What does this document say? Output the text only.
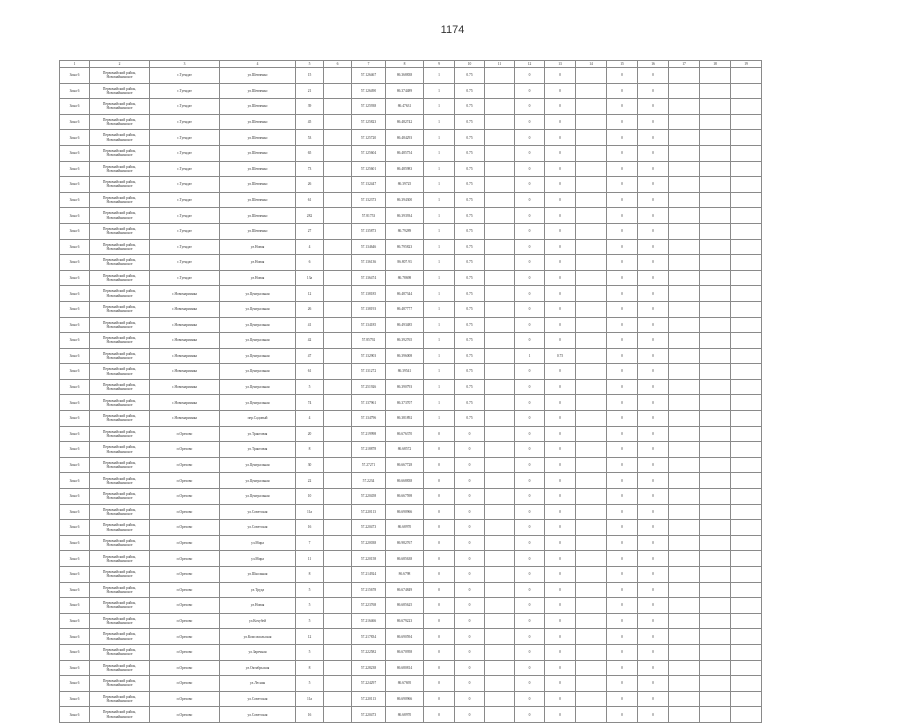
1174
1	2	3	4	5	6	7	8	9	10	11	12	13	14	15	16	17	18	19
Зона 6	Первомайский район, Новомайнинское	с.Туендат	ул.Шевченко	15		57.126467	86.368838	1	0.75		0	0		0	0			
Зона 6	Первомайский район, Новомайнинское	с.Туендат	ул.Шевченко	21		57.126490	86.374489	1	0.75		0	0		0	0			
Зона 6	Первомайский район, Новомайнинское	с.Туендат	ул.Шевченко	39		57.125938	86.47631	1	0.75		0	0		0	0			
Зона 6	Первомайский район, Новомайнинское	с.Туендат	ул.Шевченко	45		57.125823	86.482742	1	0.75		0	0		0	0			
Зона 6	Первомайский район, Новомайнинское	с.Туендат	ул.Шевченко	53		57.125720	86.484293	1	0.75		0	0		0	0			
Зона 6	Первомайский район, Новомайнинское	с.Туендат	ул.Шевченко	65		57.125604	86.485754	1	0.75		0	0		0	0			
Зона 6	Первомайский район, Новомайнинское	с.Туендат	ул.Шевченко	73		57.125601	86.485983	1	0.75		0	0		0	0			
Зона 6	Первомайский район, Новомайнинское	с.Туендат	ул.Шевченко	26		57.132447	86.39725	1	0.75		0	0		0	0			
Зона 6	Первомайский район, Новомайнинское	с.Туендат	ул.Шевченко	61		57.132373	86.394300	1	0.75		0	0		0	0			
Зона 6	Первомайский район, Новомайнинское	с.Туендат	ул.Шевченко	282		57.81753	86.393934	1	0.75		0	0		0	0			
Зона 6	Первомайский район, Новомайнинское	с.Туендат	ул.Шевченко	27		57.135873	86.79289	1	0.75		0	0		0	0			
Зона 6	Первомайский район, Новомайнинское	с.Туендат	ул.Новая	4		57.134646	86.795823	1	0.75		0	0		0	0			
Зона 6	Первомайский район, Новомайнинское	с.Туендат	ул.Новая	6		57.136136	86.807.93	1	0.75		0	0		0	0			
Зона 6	Первомайский район, Новомайнинское	с.Туендат	ул.Новая	13а		57.136474	86.78698	1	0.75		0	0		0	0			
Зона 6	Первомайский район, Новомайнинское	с.Новомариинка	ул.Центральная	12		57.138185	86.487344	1	0.75		0	0		0	0			
Зона 6	Первомайский район, Новомайнинское	с.Новомариинка	ул.Центральная	26		57.138193	86.487777	1	0.75		0	0		0	0			
Зона 6	Первомайский район, Новомайнинское	с.Новомариинка	ул.Центральная	41		57.134185	86.493485	1	0.75		0	0		0	0			
Зона 6	Первомайский район, Новомайнинское	с.Новомариинка	ул.Центральная	42		57.85792	86.392765	1	0.75		0	0		0	0			
Зона 6	Первомайский район, Новомайнинское	с.Новомариинка	ул.Центральная	47		57.132903	86.396008	1	0.75		1	0.75		0	0			
Зона 6	Первомайский район, Новомайнинское	с.Новомариинка	ул.Центральная	61		57.131272	86.39541	1	0.75		0	0		0	0			
Зона 6	Первомайский район, Новомайнинское	с.Новомариинка	ул.Центральная	5		57.251926	86.390793	1	0.75		0	0		0	0			
Зона 6	Первомайский район, Новомайнинское	с.Новомариинка	ул.Центральная	74		57.137961	86.373707	1	0.75		0	0		0	0			
Зона 6	Первомайский район, Новомайнинское	с.Новомариинка	пер.Садовый	4		57.134796	86.381892	1	0.75		0	0		0	0			
Зона 6	Первомайский район, Новомайнинское	п.Орехово	ул.Трактовая	20		57.219998	86.676370	0	0		0	0		0	0			
Зона 6	Первомайский район, Новомайнинское	п.Орехово	ул.Трактовая	8		57.218878	86.68572	0	0		0	0		0	0			
Зона 6	Первомайский район, Новомайнинское	п.Орехово	ул.Центральная	30		57.27271	86.667728	0	0		0	0		0	0			
Зона 6	Первомайский район, Новомайнинское	п.Орехово	ул.Центральная	22		57.2234	86.668838	0	0		0	0		0	0			
Зона 6	Первомайский район, Новомайнинское	п.Орехово	ул.Центральная	10		57.220458	86.667598	0	0		0	0		0	0			
Зона 6	Первомайский район, Новомайнинское	п.Орехово	ул.Советская	11а		57.220113	86.690966	0	0		0	0		0	0			
Зона 6	Первомайский район, Новомайнинское	п.Орехово	ул.Советская	16		57.220473	86.68970	0	0		0	0		0	0			
Зона 6	Первомайский район, Новомайнинское	п.Орехово	ул.Мира	7		57.220038	86.982767	0	0		0	0		0	0			
Зона 6	Первомайский район, Новомайнинское	п.Орехово	ул.Мира	11		57.220158	86.685638	0	0		0	0		0	0			
Зона 6	Первомайский район, Новомайнинское	п.Орехово	ул.Школьная	8		57.214924	86.6798	0	0		0	0		0	0			
Зона 6	Первомайский район, Новомайнинское	п.Орехово	ул.Труда	5		57.215678	86.674849	0	0		0	0		0	0			
Зона 6	Первомайский район, Новомайнинское	п.Орехово	ул.Новая	5		57.223768	86.685625	0	0		0	0		0	0			
Зона 6	Первомайский район, Новомайнинское	п.Орехово	ул.Кочубей	5		57.216466	86.679223	0	0		0	0		0	0			
Зона 6	Первомайский район, Новомайнинское	п.Орехово	ул.Комсомольская	12		57.217834	86.690594	0	0		0	0		0	0			
Зона 6	Первомайский район, Новомайнинское	п.Орехово	ул.Заречная	5		57.222582	86.670958	0	0		0	0		0	0			
Зона 6	Первомайский район, Новомайнинское	п.Орехово	ул.Октябрьская	8		57.228238	86.680814	0	0		0	0		0	0			
Зона 6	Первомайский район, Новомайнинское	п.Орехово	ул.Лесная	5		57.224297	86.67695	0	0		0	0		0	0			
Зона 6	Первомайский район, Новомайнинское	п.Орехово	ул.Советская	11а		57.220113	86.690966	0	0		0	0		0	0			
Зона 6	Первомайский район, Новомайнинское	п.Орехово	ул.Советская	16		57.220473	86.68970	0	0		0	0		0	0			
